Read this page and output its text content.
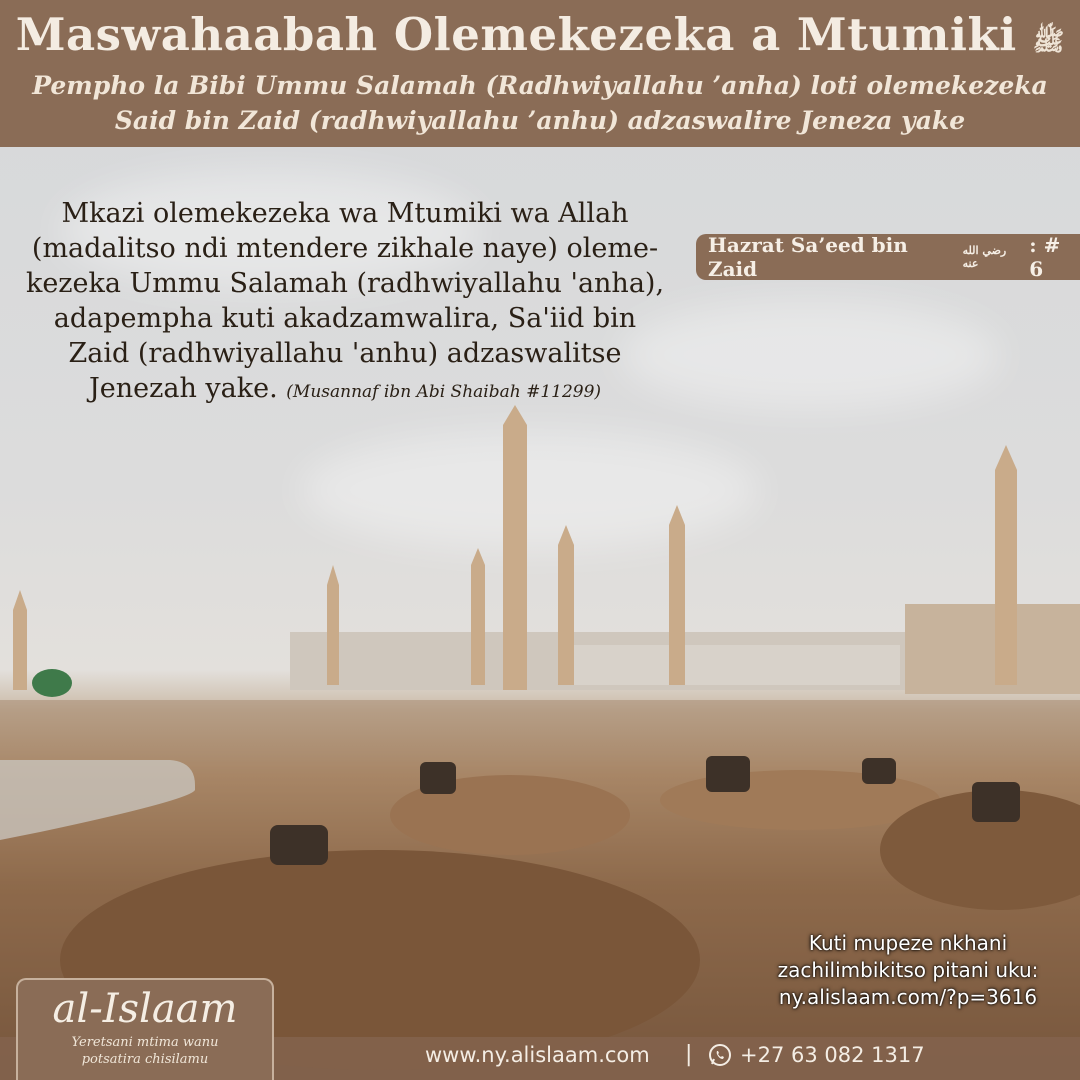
Maswahaabah Olemekezeka a Mtumiki ﷺ
Pempho la Bibi Ummu Salamah (Radhwiyallahu ’anha) loti olemekezeka
Said bin Zaid (radhwiyallahu ’anhu) adzaswalire Jeneza yake
Mkazi olemekezeka wa Mtumiki wa Allah
(madalitso ndi mtendere zikhale naye) oleme-
kezeka Ummu Salamah (radhwiyallahu 'anha),
adapempha kuti akadzamwalira, Sa'iid bin
Zaid (radhwiyallahu 'anhu) adzaswalitse
Jenezah yake. (Musannaf ibn Abi Shaibah #11299)
Hazrat Sa’eed bin Zaid
رضي الله عنه
: # 6
Kuti mupeze nkhani
zachilimbikitso pitani uku:
ny.alislaam.com/?p=3616
www.ny.alislaam.com | +27 63 082 1317
al-Islaam
Yeretsani mtima wanu
potsatira chisilamu
